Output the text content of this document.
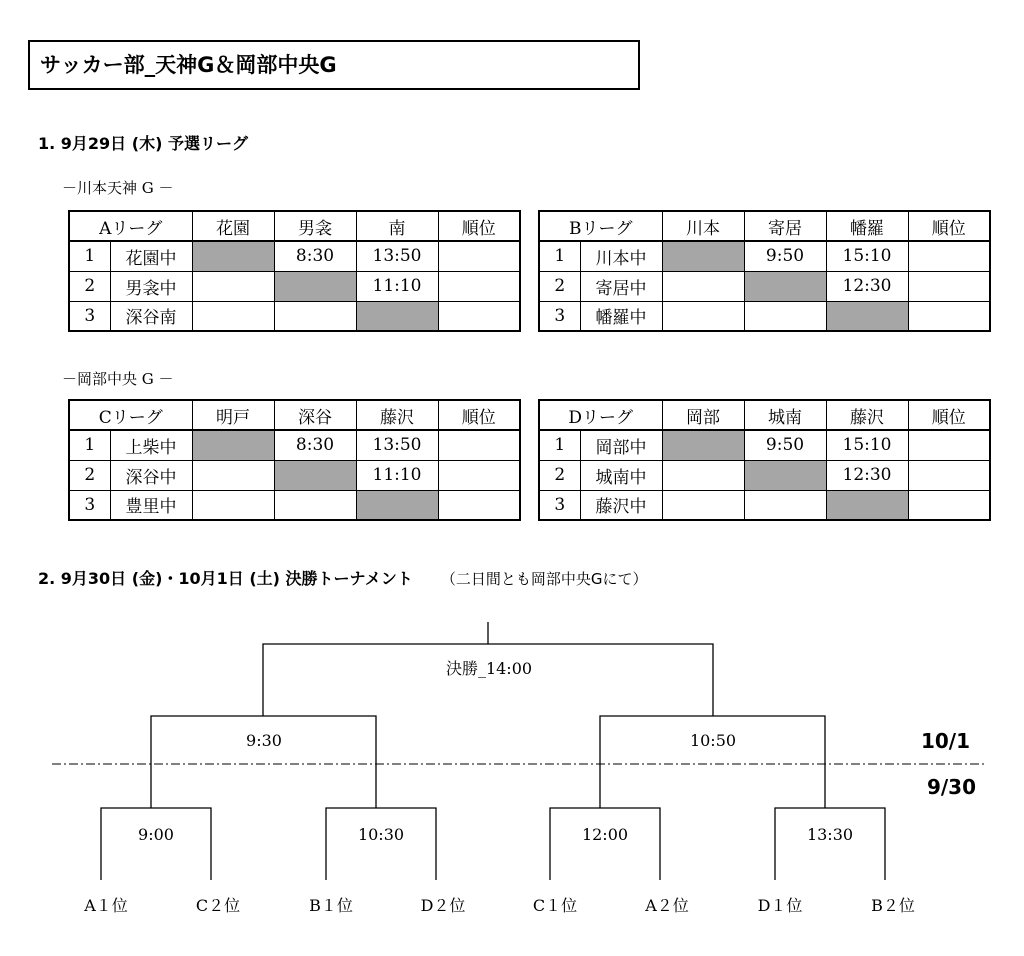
サッカー部_天神G＆岡部中央G
1. 9月29日 (木) 予選リーグ
－川本天神 G －
－岡部中央 G －
Aリーグ		花園	男衾	南	順位
1	花園中		8:30	13:50	
2	男衾中			11:10	
3	深谷南				
Bリーグ		川本	寄居	幡羅	順位
1	川本中		9:50	15:10	
2	寄居中			12:30	
3	幡羅中				
Cリーグ		明戸	深谷	藤沢	順位
1	上柴中		8:30	13:50	
2	深谷中			11:10	
3	豊里中				
Dリーグ		岡部	城南	藤沢	順位
1	岡部中		9:50	15:10	
2	城南中			12:30	
3	藤沢中				
2. 9月30日 (金)・10月1日 (土) 決勝トーナメント （二日間とも岡部中央Gにて）
決勝_14:00
9:30	10:50
9:00	10:30	12:00	13:30
A１位	C２位	B１位	D２位	C１位	A２位	D１位	B２位
10/1
9/30
